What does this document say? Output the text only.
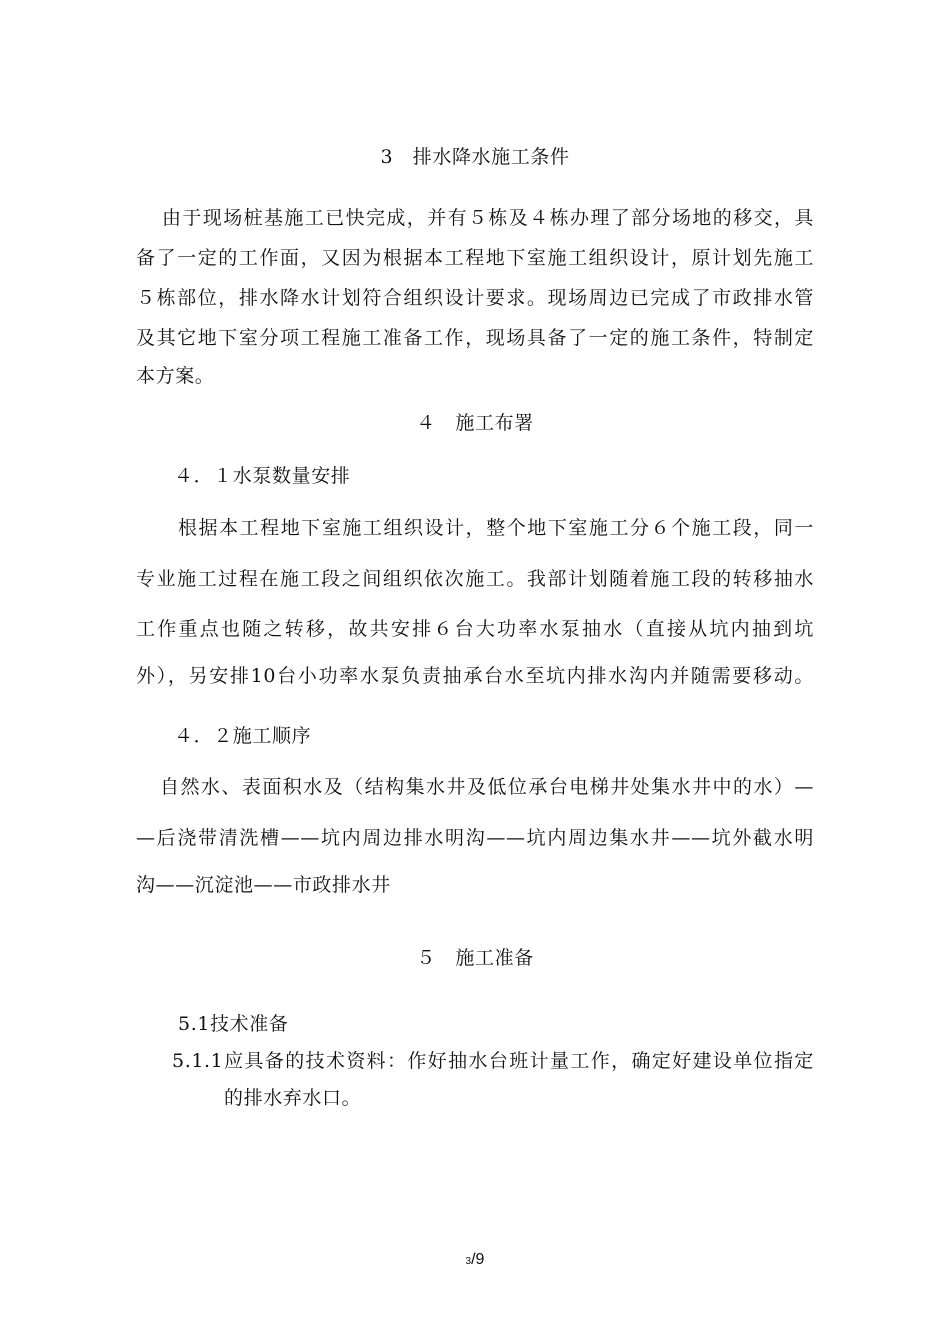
3　排水降水施工条件
由于现场桩基施工已快完成，并有５栋及４栋办理了部分场地的移交，具
备了一定的工作面，又因为根据本工程地下室施工组织设计，原计划先施工
５栋部位，排水降水计划符合组织设计要求。现场周边已完成了市政排水管
及其它地下室分项工程施工准备工作，现场具备了一定的施工条件，特制定
本方案。
４　施工布署
４．１水泵数量安排
根据本工程地下室施工组织设计，整个地下室施工分６个施工段，同一
专业施工过程在施工段之间组织依次施工。我部计划随着施工段的转移抽水
工作重点也随之转移，故共安排６台大功率水泵抽水（直接从坑内抽到坑
外），另安排10台小功率水泵负责抽承台水至坑内排水沟内并随需要移动。
４．２施工顺序
自然水、表面积水及（结构集水井及低位承台电梯井处集水井中的水）—
—后浇带清洗槽——坑内周边排水明沟——坑内周边集水井——坑外截水明
沟——沉淀池——市政排水井
５　施工准备
5.1技术准备
5.1.1应具备的技术资料：作好抽水台班计量工作，确定好建设单位指定
的排水弃水口。
3/9
